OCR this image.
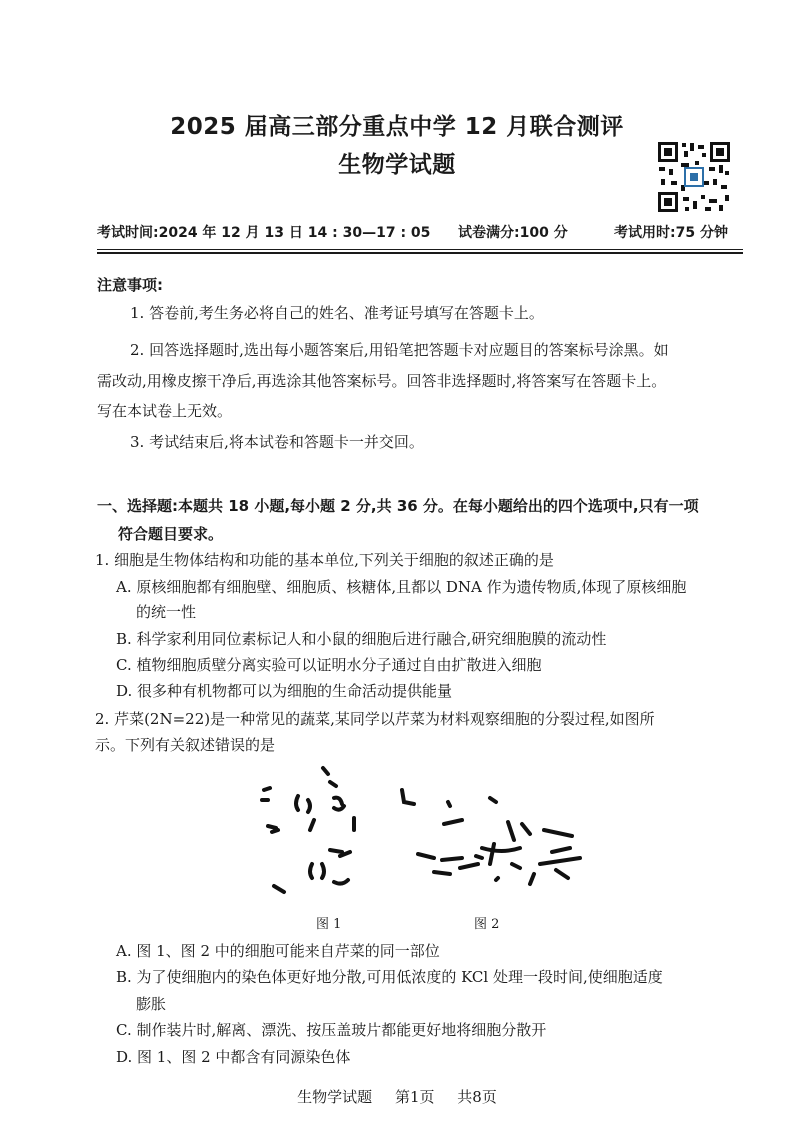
2025 届高三部分重点中学 12 月联合测评
生物学试题
考试时间:2024 年 12 月 13 日 14 : 30—17 : 05 试卷满分:100 分	考试用时:75 分钟
注意事项:
1. 答卷前,考生务必将自己的姓名、准考证号填写在答题卡上。
2. 回答选择题时,选出每小题答案后,用铅笔把答题卡对应题目的答案标号涂黑。如
需改动,用橡皮擦干净后,再选涂其他答案标号。回答非选择题时,将答案写在答题卡上。
写在本试卷上无效。
3. 考试结束后,将本试卷和答题卡一并交回。
一、选择题:本题共 18 小题,每小题 2 分,共 36 分。在每小题给出的四个选项中,只有一项
符合题目要求。
1. 细胞是生物体结构和功能的基本单位,下列关于细胞的叙述正确的是
A. 原核细胞都有细胞壁、细胞质、核糖体,且都以 DNA 作为遗传物质,体现了原核细胞
的统一性
B. 科学家利用同位素标记人和小鼠的细胞后进行融合,研究细胞膜的流动性
C. 植物细胞质壁分离实验可以证明水分子通过自由扩散进入细胞
D. 很多种有机物都可以为细胞的生命活动提供能量
2. 芹菜(2N=22)是一种常见的蔬菜,某同学以芹菜为材料观察细胞的分裂过程,如图所
示。下列有关叙述错误的是
图 1	图 2
A. 图 1、图 2 中的细胞可能来自芹菜的同一部位
B. 为了使细胞内的染色体更好地分散,可用低浓度的 KCl 处理一段时间,使细胞适度
膨胀
C. 制作装片时,解离、漂洗、按压盖玻片都能更好地将细胞分散开
D. 图 1、图 2 中都含有同源染色体
生物学试题 第1页 共8页
